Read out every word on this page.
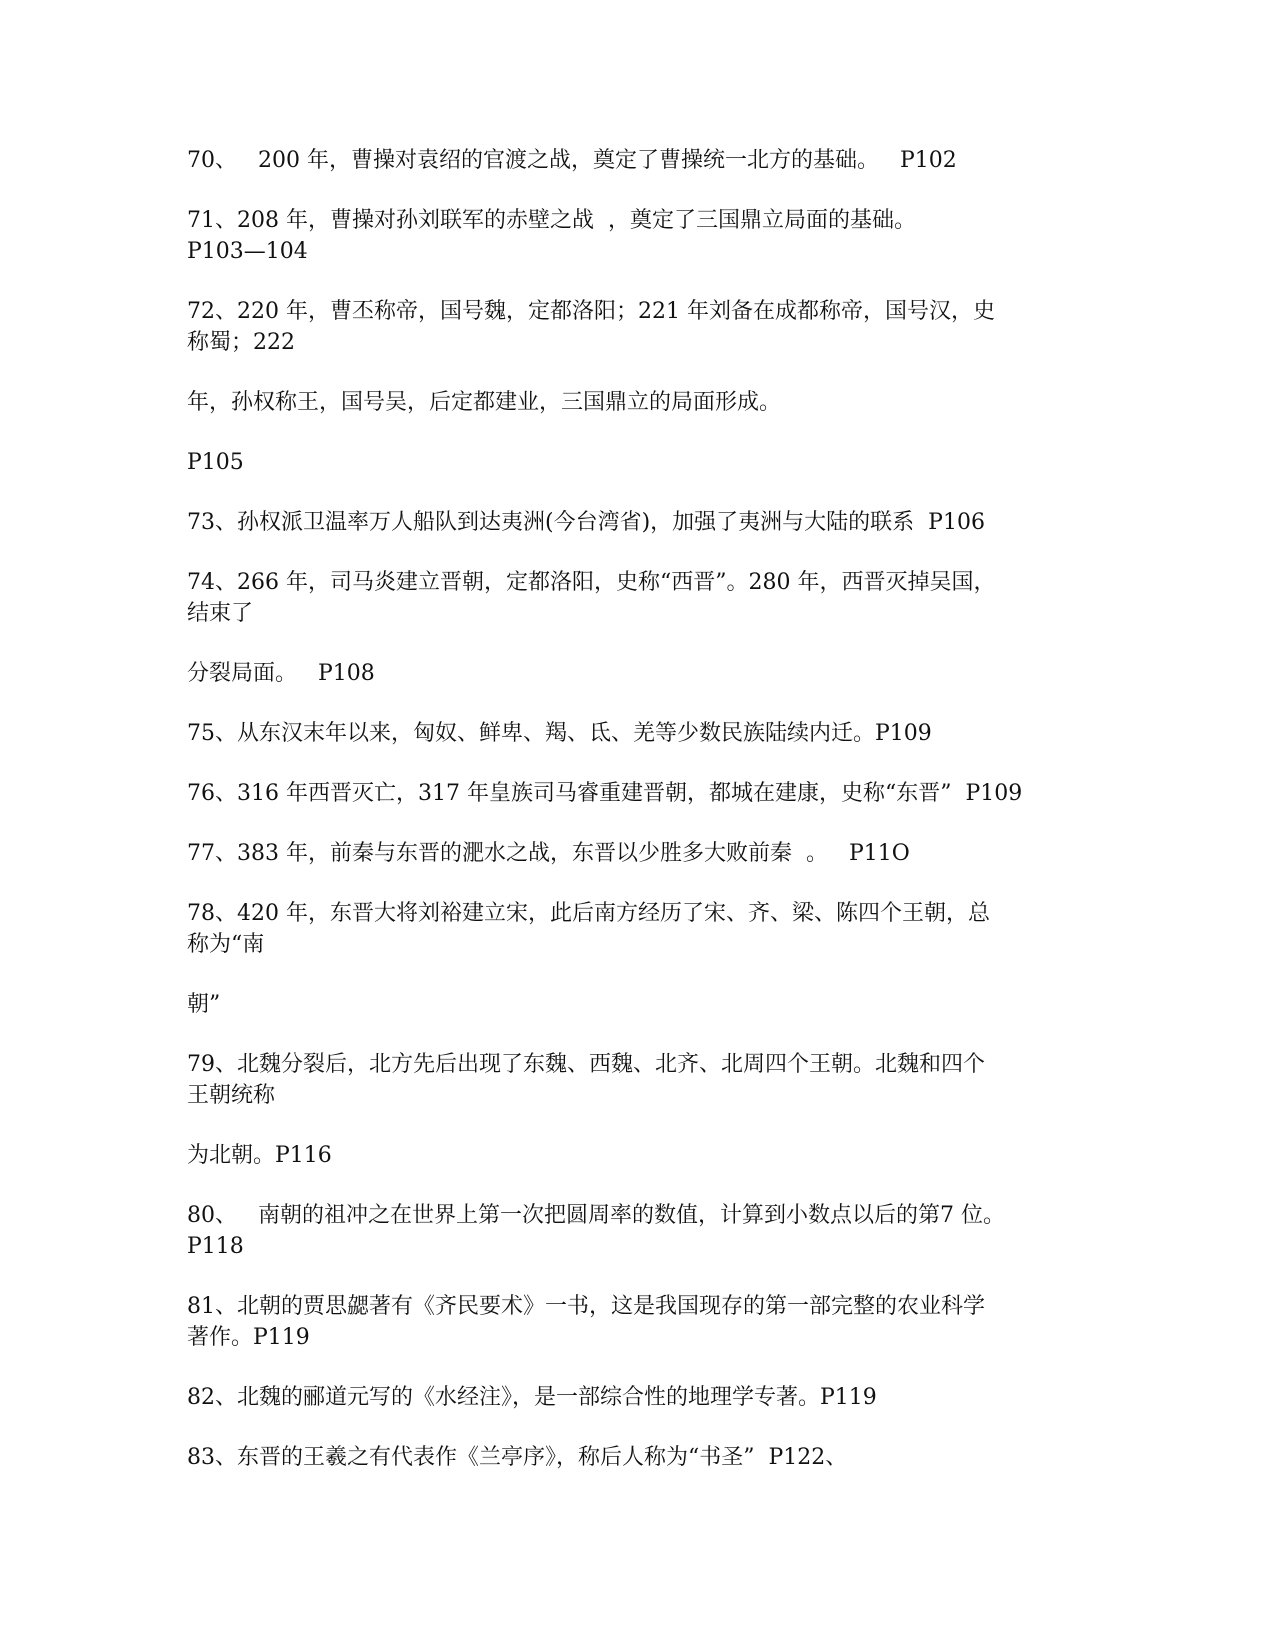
70、   200 年，曹操对袁绍的官渡之战，奠定了曹操统一北方的基础。   P102

71、208 年，曹操对孙刘联军的赤壁之战  ，奠定了三国鼎立局面的基础。

P103—104

72、220 年，曹丕称帝，国号魏，定都洛阳；221 年刘备在成都称帝，国号汉，史

称蜀；222

年，孙权称王，国号吴，后定都建业，三国鼎立的局面形成。

P105

73、孙权派卫温率万人船队到达夷洲(今台湾省)，加强了夷洲与大陆的联系  P106

74、266 年，司马炎建立晋朝，定都洛阳，史称“西晋”。280 年，西晋灭掉吴国，

结束了

分裂局面。   P108

75、从东汉末年以来，匈奴、鲜卑、羯、氐、羌等少数民族陆续内迁。P109

76、316 年西晋灭亡，317 年皇族司马睿重建晋朝，都城在建康，史称“东晋”  P109

77、383 年，前秦与东晋的淝水之战，东晋以少胜多大败前秦  。   P11O

78、420 年，东晋大将刘裕建立宋，此后南方经历了宋、齐、梁、陈四个王朝，总

称为“南

朝”

79、北魏分裂后，北方先后出现了东魏、西魏、北齐、北周四个王朝。北魏和四个

王朝统称

为北朝。P116

80、   南朝的祖冲之在世界上第一次把圆周率的数值，计算到小数点以后的第7 位。

P118

81、北朝的贾思勰著有《齐民要术》一书，这是我国现存的第一部完整的农业科学

著作。P119

82、北魏的郦道元写的《水经注》，是一部综合性的地理学专著。P119

83、东晋的王羲之有代表作《兰亭序》，称后人称为“书圣”  P122、
